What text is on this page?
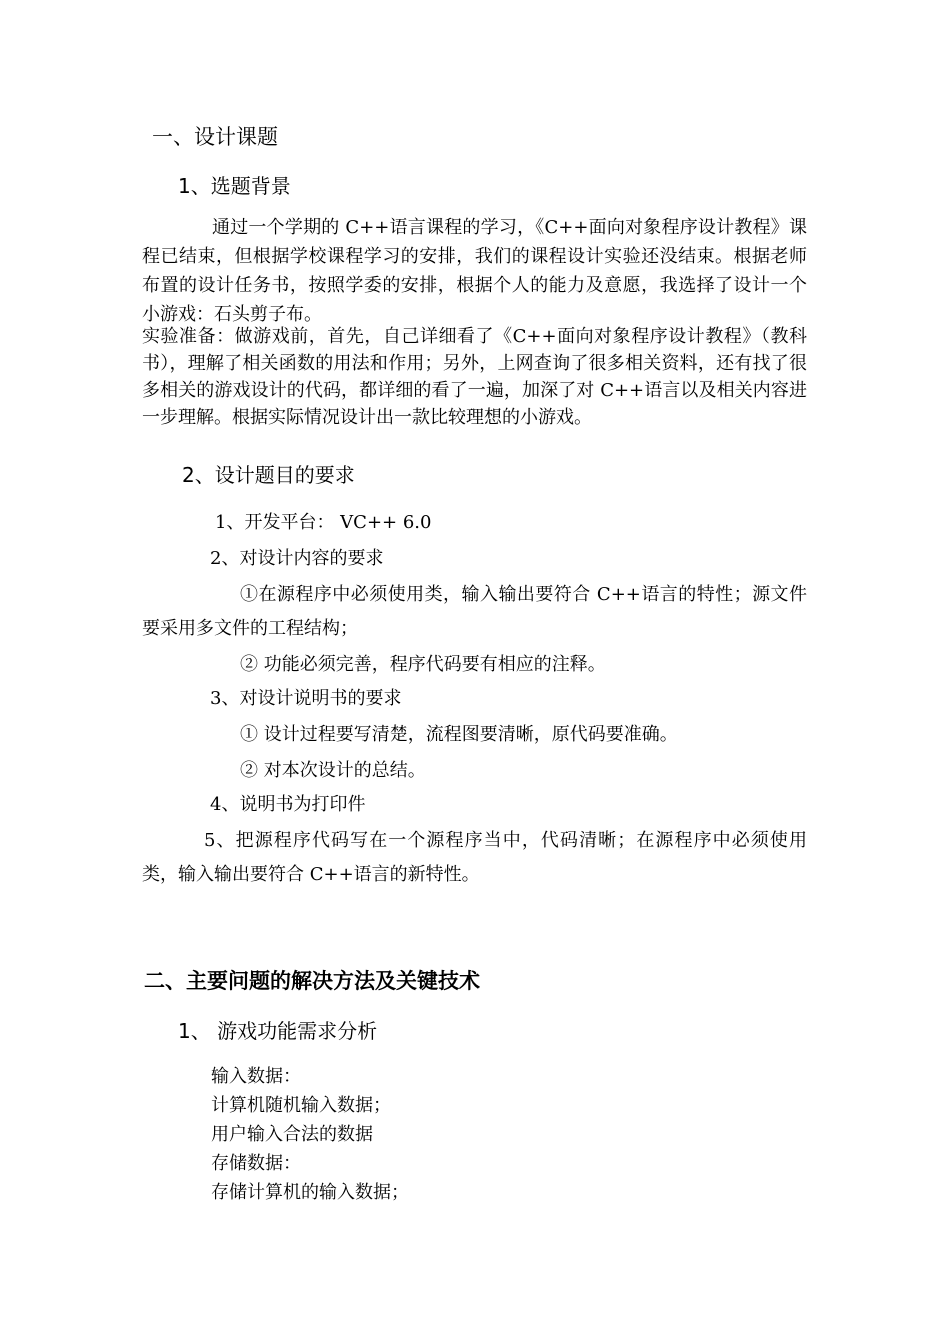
一、设计课题
1、选题背景
通过一个学期的 C++语言课程的学习，《C++面向对象程序设计教程》课程已结束，但根据学校课程学习的安排，我们的课程设计实验还没结束。根据老师布置的设计任务书，按照学委的安排，根据个人的能力及意愿，我选择了设计一个小游戏：石头剪子布。
实验准备：做游戏前，首先，自己详细看了《C++面向对象程序设计教程》（教科书），理解了相关函数的用法和作用；另外，上网查询了很多相关资料，还有找了很多相关的游戏设计的代码，都详细的看了一遍，加深了对 C++语言以及相关内容进一步理解。根据实际情况设计出一款比较理想的小游戏。
2、设计题目的要求
1、开发平台： VC++ 6.0
2、对设计内容的要求
①在源程序中必须使用类，输入输出要符合 C++语言的特性；源文件要采用多文件的工程结构；
② 功能必须完善，程序代码要有相应的注释。
3、对设计说明书的要求
① 设计过程要写清楚，流程图要清晰，原代码要准确。
② 对本次设计的总结。
4、说明书为打印件
5、把源程序代码写在一个源程序当中，代码清晰；在源程序中必须使用类，输入输出要符合 C++语言的新特性。
二、主要问题的解决方法及关键技术
1、 游戏功能需求分析
输入数据：
计算机随机输入数据；
用户输入合法的数据
存储数据：
存储计算机的输入数据；
